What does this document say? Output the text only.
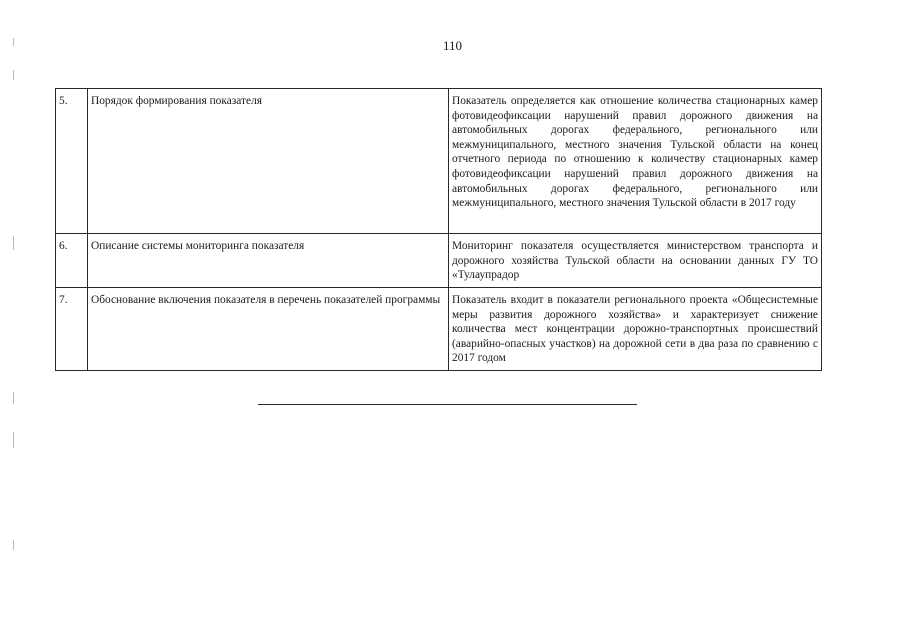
110
5.	Порядок формирования показателя	Показатель определяется как отношение количества стационарных камер фотовидеофиксации нарушений правил дорожного движения на автомобильных дорогах федерального, регионального или межмуниципального, местного значения Тульской области на конец отчетного периода по отношению к количеству стационарных камер фотовидеофиксации нарушений правил дорожного движения на автомобильных дорогах федерального, регионального или межмуниципального, местного значения Тульской области в 2017 году
6.	Описание системы мониторинга показателя	Мониторинг показателя осуществляется министерством транспорта и дорожного хозяйства Тульской области на основании данных ГУ ТО «Тулаупрадор
7.	Обоснование включения показателя в перечень показателей программы	Показатель входит в показатели регионального проекта «Общесистемные меры развития дорожного хозяйства» и характеризует снижение количества мест концентрации дорожно-транспортных происшествий (аварийно-опасных участков) на дорожной сети в два раза по сравнению с 2017 годом
